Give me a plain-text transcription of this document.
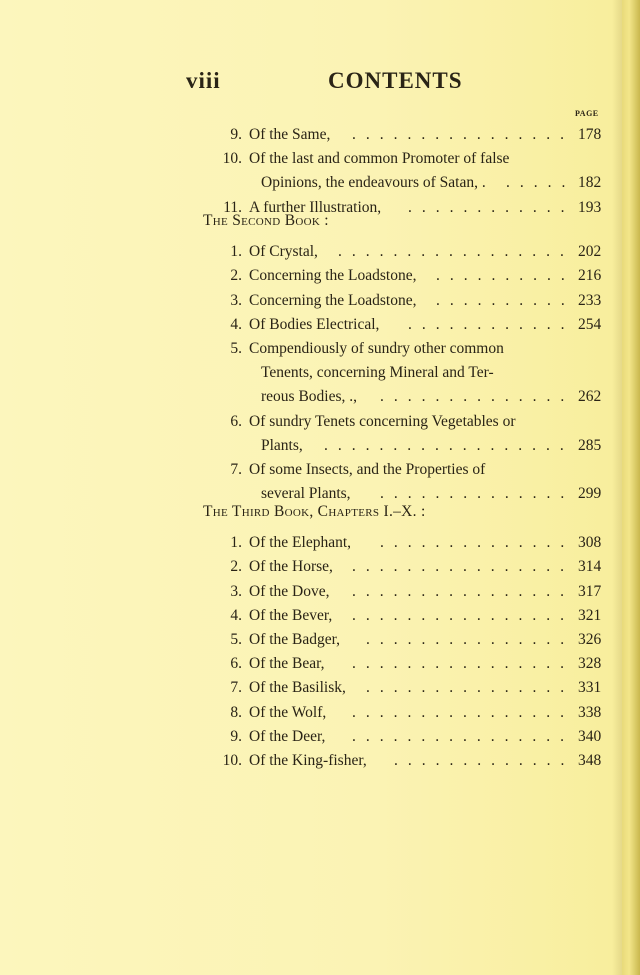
viii	CONTENTS
PAGE
9. Of the Same, ................ 178
10. Of the last and common Promoter of false
Opinions, the endeavours of Satan, . ..... 182
11. A further Illustration, ............ 193
The Second Book :
1. Of Crystal, ................. 202
2. Concerning the Loadstone, .......... 216
3. Concerning the Loadstone, .......... 233
4. Of Bodies Electrical, ............ 254
5. Compendiously of sundry other common
Tenents, concerning Mineral and Ter-
reous Bodies, ., .............. 262
6. Of sundry Tenets concerning Vegetables or
Plants, .................. 285
7. Of some Insects, and the Properties of
several Plants, .............. 299
The Third Book, Chapters I.–X. :
1. Of the Elephant, .............. 308
2. Of the Horse, ................ 314
3. Of the Dove, ................ 317
4. Of the Bever, ................ 321
5. Of the Badger, ............... 326
6. Of the Bear, ................ 328
7. Of the Basilisk, ............... 331
8. Of the Wolf, ................ 338
9. Of the Deer, ................ 340
10. Of the King-fisher, ............. 348
